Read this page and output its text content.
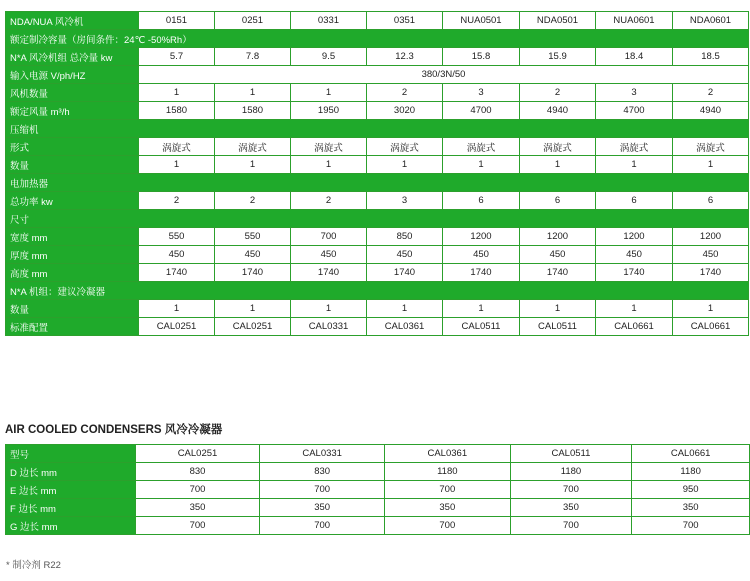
NDA/NUA 风冷机	0151	0251	0331	0351	NUA0501	NDA0501	NUA0601	NDA0601
额定制冷容量（房间条件：24℃ -50%Rh）								
N*A 风冷机组 总冷量 kw	5.7	7.8	9.5	12.3	15.8	15.9	18.4	18.5
输入电源 V/ph/HZ	380/3N/50							
风机数量	1	1	1	2	3	2	3	2
额定风量 m³/h	1580	1580	1950	3020	4700	4940	4700	4940
压缩机								
形式	涡旋式	涡旋式	涡旋式	涡旋式	涡旋式	涡旋式	涡旋式	涡旋式
数量	1	1	1	1	1	1	1	1
电加热器								
总功率 kw	2	2	2	3	6	6	6	6
尺寸								
宽度 mm	550	550	700	850	1200	1200	1200	1200
厚度 mm	450	450	450	450	450	450	450	450
高度 mm	1740	1740	1740	1740	1740	1740	1740	1740
N*A 机组：建议冷凝器								
数量	1	1	1	1	1	1	1	1
标准配置	CAL0251	CAL0251	CAL0331	CAL0361	CAL0511	CAL0511	CAL0661	CAL0661
AIR COOLED CONDENSERS 风冷冷凝器
型号	CAL0251	CAL0331	CAL0361	CAL0511	CAL0661
D 边长 mm	830	830	1180	1180	1180
E 边长 mm	700	700	700	700	950
F 边长 mm	350	350	350	350	350
G 边长 mm	700	700	700	700	700
* 制冷剂 R22
